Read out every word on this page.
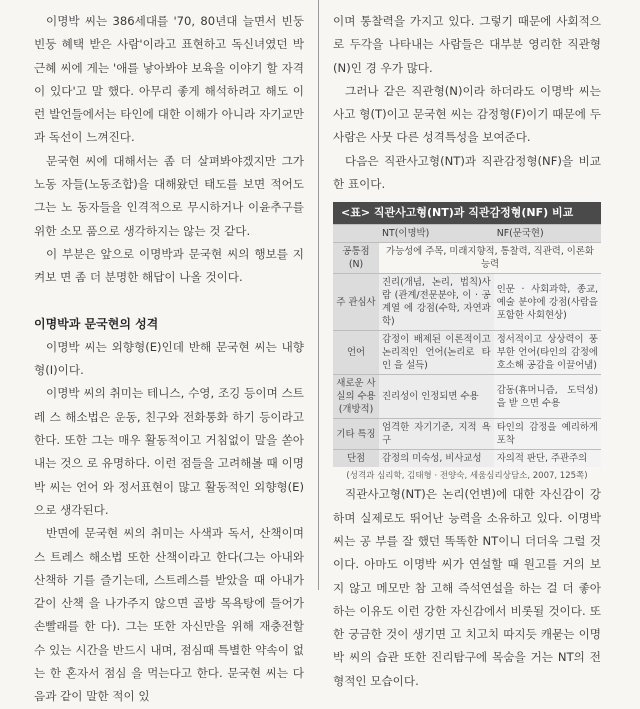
이명박 씨는 386세대를 '70, 80년대 늘면서 빈둥빈둥 혜택 받은 사람'이라고 표현하고 독신녀였던 박근혜 씨에 게는 '애를 낳아봐야 보육을 이야기 할 자격이 있다'고 말 했다. 아무리 좋게 해석하려고 해도 이런 발언들에서는 타인에 대한 이해가 아니라 자기교만과 독선이 느껴진다.

문국현 씨에 대해서는 좀 더 살펴봐야겠지만 그가 노동 자들(노동조합)을 대해왔던 태도를 보면 적어도 그는 노 동자들을 인격적으로 무시하거나 이윤추구를 위한 소모 품으로 생각하지는 않는 것 같다.

이 부분은 앞으로 이명박과 문국현 씨의 행보를 지켜보 면 좀 더 분명한 해답이 나올 것이다.

이명박과 문국현의 성격

이명박 씨는 외향형(E)인데 반해 문국현 씨는 내향형(I)이다.

이명박 씨의 취미는 테니스, 수영, 조깅 등이며 스트레 스 해소법은 운동, 친구와 전화통화 하기 등이라고 한다. 또한 그는 매우 활동적이고 거침없이 말을 쏟아내는 것으 로 유명하다. 이런 점들을 고려해볼 때 이명박 씨는 언어 와 정서표현이 많고 활동적인 외향형(E)으로 생각된다.

반면에 문국현 씨의 취미는 사색과 독서, 산책이며 스 트레스 해소법 또한 산책이라고 한다(그는 아내와 산책하 기를 즐기는데, 스트레스를 받았을 때 아내가 같이 산책 을 나가주지 않으면 골방 목욕탕에 들어가 손빨래를 한 다). 그는 또한 자신만을 위해 재충전할 수 있는 시간을 반드시 내며, 점심때 특별한 약속이 없는 한 혼자서 점심 을 먹는다고 한다. 문국현 씨는 다음과 같이 말한 적이 있

이며 통찰력을 가지고 있다. 그렇기 때문에 사회적으로 두각을 나타내는 사람들은 대부분 영리한 직관형(N)인 경 우가 많다.

그러나 같은 직관형(N)이라 하더라도 이명박 씨는 사고 형(T)이고 문국현 씨는 감정형(F)이기 때문에 두 사람은 사뭇 다른 성격특성을 보여준다.

다음은 직관사고형(NT)과 직관감정형(NF)을 비교한 표이다.

<표> 직관사고형(NT)과 직관감정형(NF) 비교
	NT(이명박)	NF(문국현)
공통점(N)	가능성에 주목, 미래지향적, 통찰력, 직관력, 이론화 능력	
주 관심사	진리(개념, 논리, 법칙)사람 (관계/전문분야, 이 · 공계열 에 강점(수학, 자연과학)	인문 · 사회과학, 종교, 예술 분야에 강점(사람을 포함한 사회현상)
언어	감정이 배제된 이론적이고 논리적인 언어(논리로 타인 을 설득)	정서적이고 상상력이 풍부한 언어(타인의 감정에 호소해 공감을 이끌어냄)
새로운 사실의 수용(개방적)	진리성이 인정되면 수용	감동(휴머니즘, 도덕성)을 받 으면 수용
기타 특징	엄격한 자기기준, 지적 욕구	타인의 감정을 예리하게 포착
단점	감정의 미숙성, 비사교성	자의적 판단, 주관주의
(성격과 심리학, 김태형 · 전양숙, 세움심리상담소, 2007, 125쪽)

직관사고형(NT)은 논리(언변)에 대한 자신감이 강하며 실제로도 뛰어난 능력을 소유하고 있다. 이명박 씨는 공 부를 잘 했던 똑똑한 NT이니 더더욱 그럴 것이다. 아마도 이명박 씨가 연설할 때 원고를 거의 보지 않고 메모만 참 고해 즉석연설을 하는 걸 더 좋아하는 이유도 이런 강한 자신감에서 비롯될 것이다. 또한 궁금한 것이 생기면 고 치고치 따지듯 캐묻는 이명박 씨의 습관 또한 진리탐구에 목숨을 거는 NT의 전형적인 모습이다.
